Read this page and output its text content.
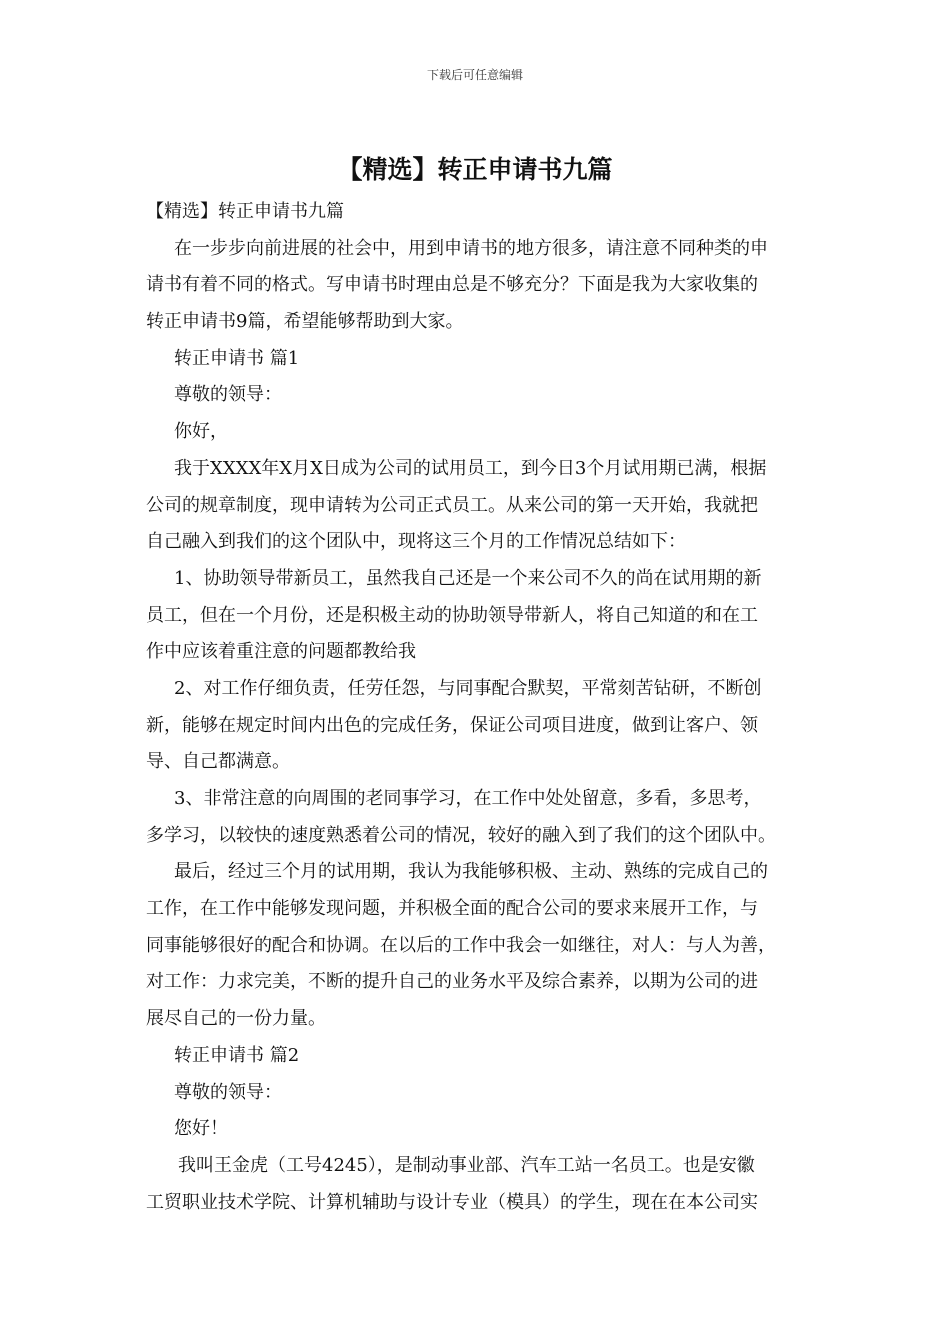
下载后可任意编辑
【精选】转正申请书九篇
【精选】转正申请书九篇
在一步步向前进展的社会中，用到申请书的地方很多，请注意不同种类的申
请书有着不同的格式。写申请书时理由总是不够充分？下面是我为大家收集的
转正申请书9篇，希望能够帮助到大家。
转正申请书 篇1
尊敬的领导：
你好，
我于XXXX年X月X日成为公司的试用员工，到今日3个月试用期已满，根据
公司的规章制度，现申请转为公司正式员工。从来公司的第一天开始，我就把
自己融入到我们的这个团队中，现将这三个月的工作情况总结如下：
1、协助领导带新员工，虽然我自己还是一个来公司不久的尚在试用期的新
员工，但在一个月份，还是积极主动的协助领导带新人，将自己知道的和在工
作中应该着重注意的问题都教给我
2、对工作仔细负责，任劳任怨，与同事配合默契，平常刻苦钻研，不断创
新，能够在规定时间内出色的完成任务，保证公司项目进度，做到让客户、领
导、自己都满意。
3、非常注意的向周围的老同事学习，在工作中处处留意，多看，多思考，
多学习，以较快的速度熟悉着公司的情况，较好的融入到了我们的这个团队中。
最后，经过三个月的试用期，我认为我能够积极、主动、熟练的完成自己的
工作，在工作中能够发现问题，并积极全面的配合公司的要求来展开工作，与
同事能够很好的配合和协调。在以后的工作中我会一如继往，对人：与人为善，
对工作：力求完美，不断的提升自己的业务水平及综合素养，以期为公司的进
展尽自己的一份力量。
转正申请书 篇2
尊敬的领导：
您好！
我叫王金虎（工号4245），是制动事业部、汽车工站一名员工。也是安徽
工贸职业技术学院、计算机辅助与设计专业（模具）的学生，现在在本公司实
